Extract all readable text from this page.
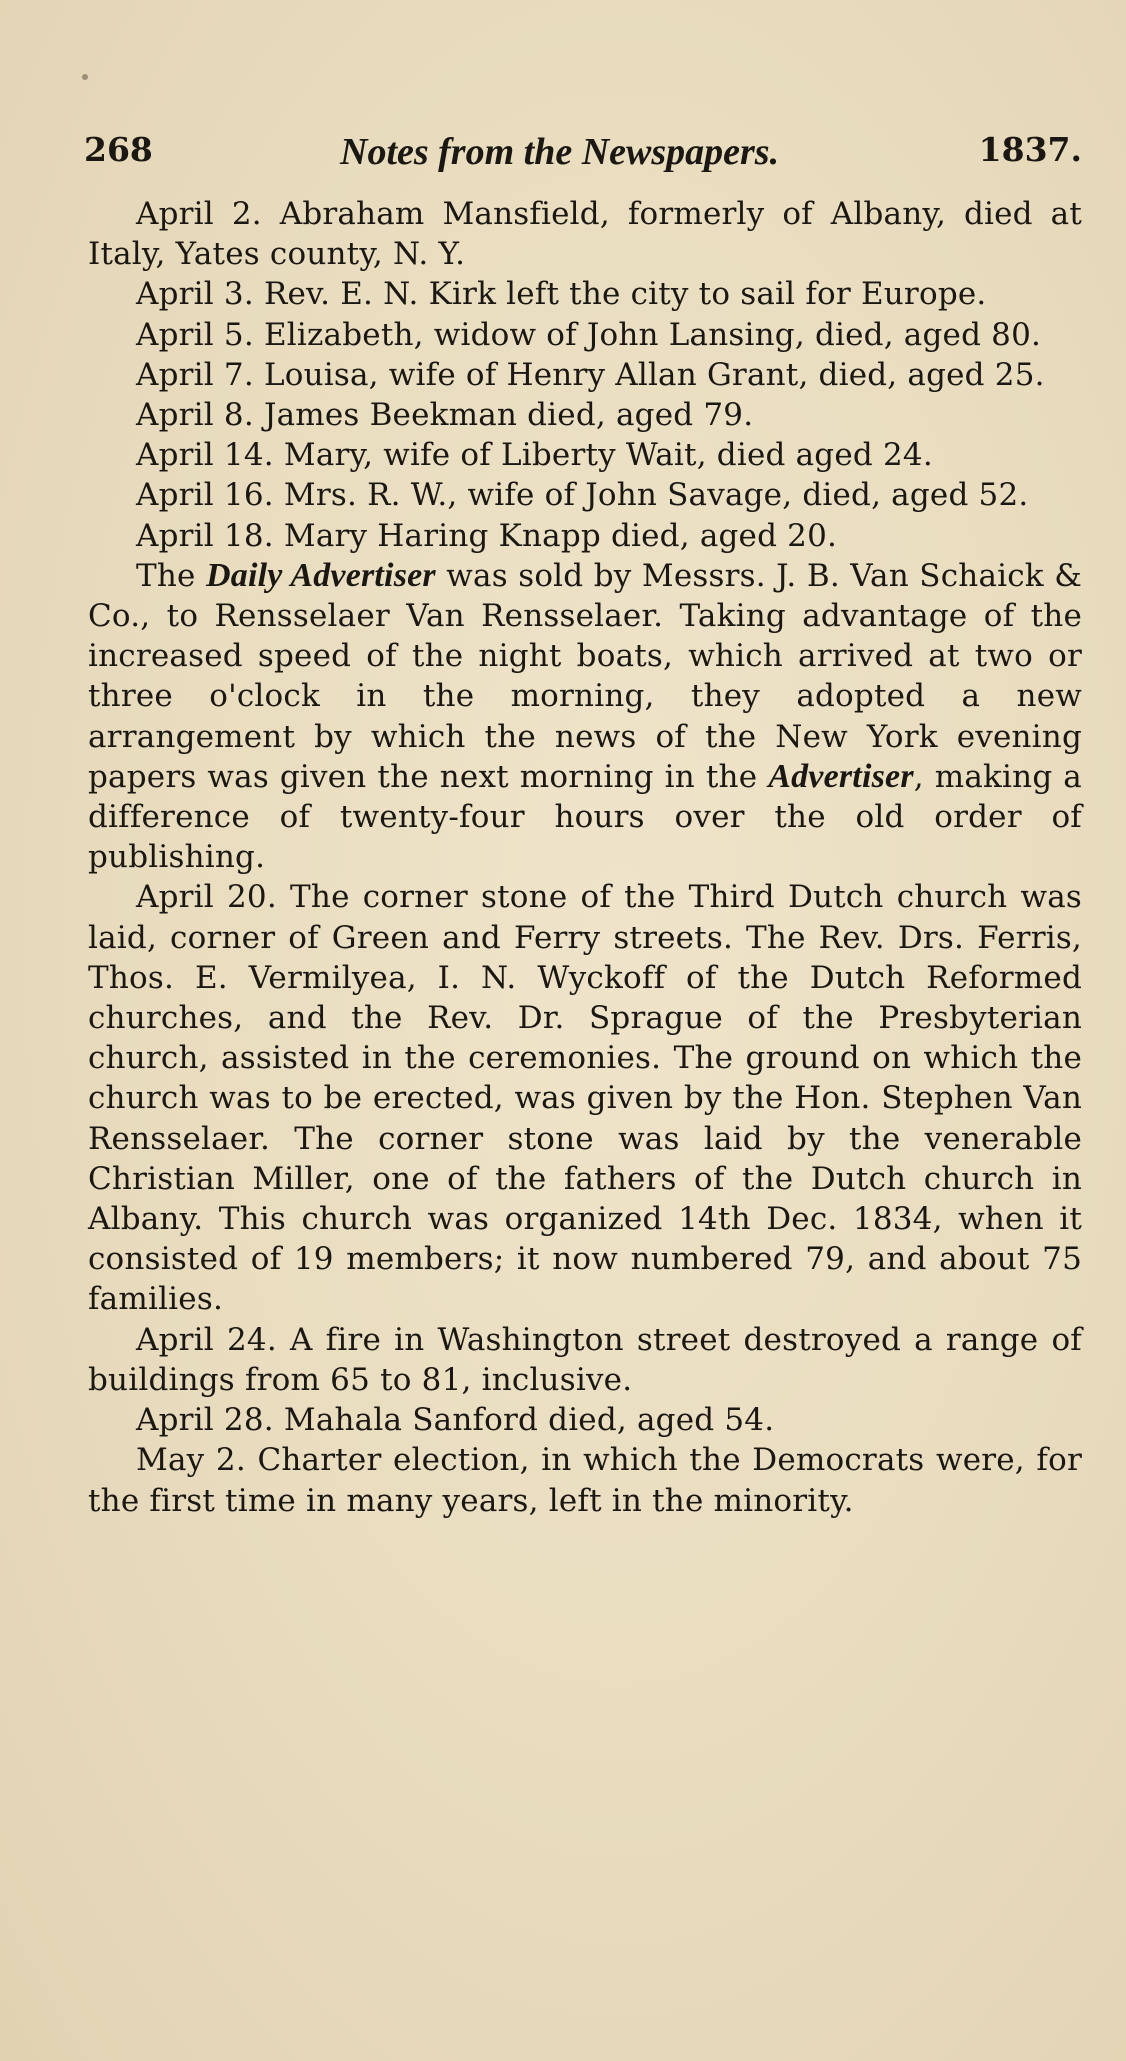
268	Notes from the Newspapers.	1837.

April 2. Abraham Mansfield, formerly of Albany, died at Italy, Yates county, N. Y.

April 3. Rev. E. N. Kirk left the city to sail for Europe.

April 5. Elizabeth, widow of John Lansing, died, aged 80.

April 7. Louisa, wife of Henry Allan Grant, died, aged 25.

April 8. James Beekman died, aged 79.

April 14. Mary, wife of Liberty Wait, died aged 24.

April 16. Mrs. R. W., wife of John Savage, died, aged 52.

April 18. Mary Haring Knapp died, aged 20.

The Daily Advertiser was sold by Messrs. J. B. Van Schaick & Co., to Rensselaer Van Rensselaer. Taking advantage of the increased speed of the night boats, which arrived at two or three o'clock in the morning, they adopted a new arrangement by which the news of the New York evening papers was given the next morning in the Advertiser, making a difference of twenty-four hours over the old order of publishing.

April 20. The corner stone of the Third Dutch church was laid, corner of Green and Ferry streets. The Rev. Drs. Ferris, Thos. E. Vermilyea, I. N. Wyckoff of the Dutch Reformed churches, and the Rev. Dr. Sprague of the Presbyterian church, assisted in the ceremonies. The ground on which the church was to be erected, was given by the Hon. Stephen Van Rensselaer. The corner stone was laid by the venerable Christian Miller, one of the fathers of the Dutch church in Albany. This church was organized 14th Dec. 1834, when it consisted of 19 members; it now numbered 79, and about 75 families.

April 24. A fire in Washington street destroyed a range of buildings from 65 to 81, inclusive.

April 28. Mahala Sanford died, aged 54.

May 2. Charter election, in which the Democrats were, for the first time in many years, left in the minority.
